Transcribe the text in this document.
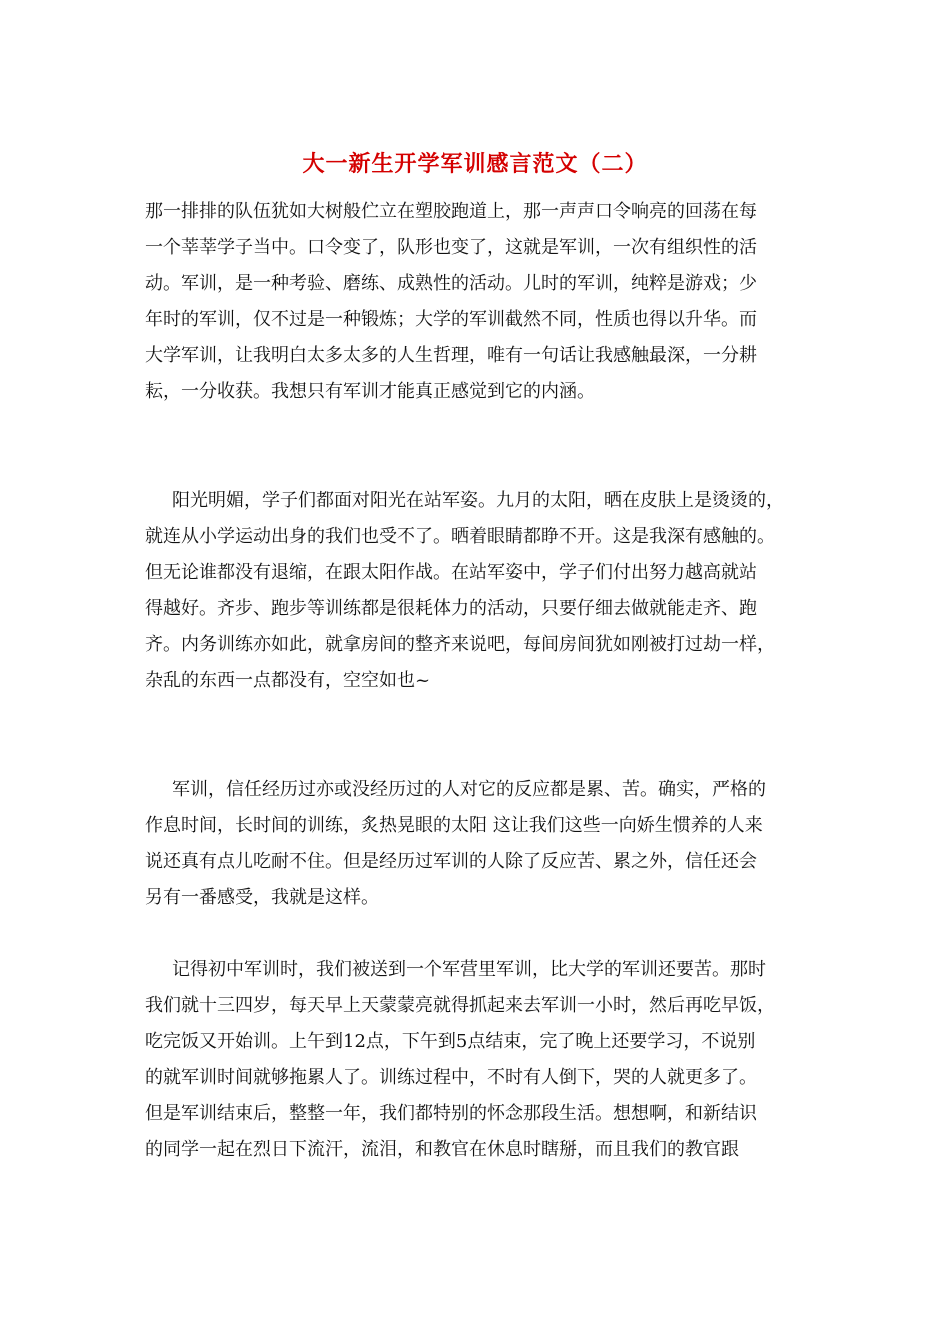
大一新生开学军训感言范文（二）
那一排排的队伍犹如大树般伫立在塑胶跑道上，那一声声口令响亮的回荡在每
一个莘莘学子当中。口令变了，队形也变了，这就是军训，一次有组织性的活
动。军训，是一种考验、磨练、成熟性的活动。儿时的军训，纯粹是游戏；少
年时的军训，仅不过是一种锻炼；大学的军训截然不同，性质也得以升华。而
大学军训，让我明白太多太多的人生哲理，唯有一句话让我感触最深，一分耕
耘，一分收获。我想只有军训才能真正感觉到它的内涵。
阳光明媚，学子们都面对阳光在站军姿。九月的太阳，晒在皮肤上是烫烫的，
就连从小学运动出身的我们也受不了。晒着眼睛都睁不开。这是我深有感触的。
但无论谁都没有退缩，在跟太阳作战。在站军姿中，学子们付出努力越高就站
得越好。齐步、跑步等训练都是很耗体力的活动，只要仔细去做就能走齐、跑
齐。内务训练亦如此，就拿房间的整齐来说吧，每间房间犹如刚被打过劫一样，
杂乱的东西一点都没有，空空如也~
军训，信任经历过亦或没经历过的人对它的反应都是累、苦。确实，严格的
作息时间，长时间的训练，炙热晃眼的太阳 这让我们这些一向娇生惯养的人来
说还真有点儿吃耐不住。但是经历过军训的人除了反应苦、累之外，信任还会
另有一番感受，我就是这样。
记得初中军训时，我们被送到一个军营里军训，比大学的军训还要苦。那时
我们就十三四岁，每天早上天蒙蒙亮就得抓起来去军训一小时，然后再吃早饭，
吃完饭又开始训。上午到12点，下午到5点结束，完了晚上还要学习，不说别
的就军训时间就够拖累人了。训练过程中，不时有人倒下，哭的人就更多了。
但是军训结束后，整整一年，我们都特别的怀念那段生活。想想啊，和新结识
的同学一起在烈日下流汗，流泪，和教官在休息时瞎掰，而且我们的教官跟
